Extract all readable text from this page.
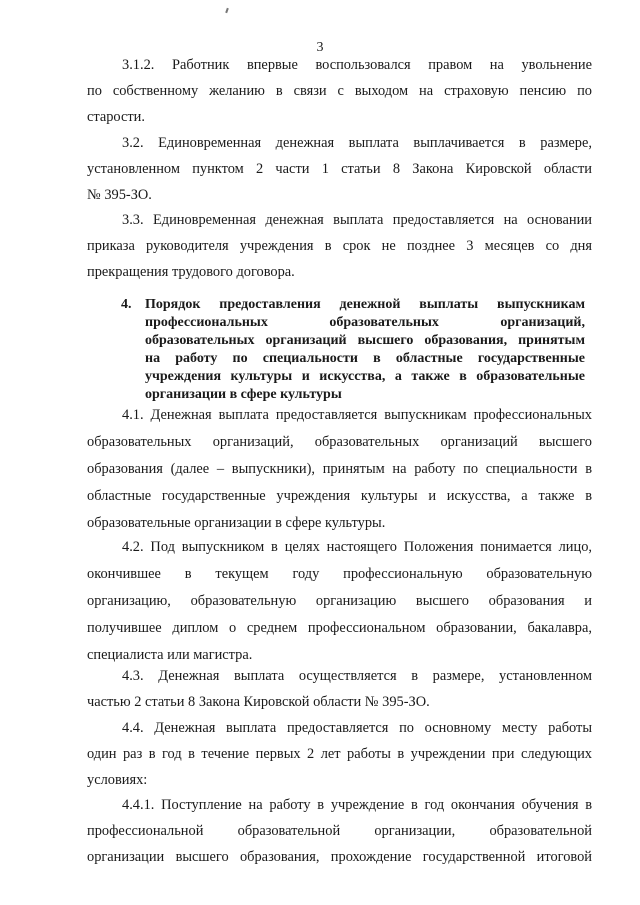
3
3.1.2. Работник впервые воспользовался правом на увольнение
по собственному желанию в связи с выходом на страховую пенсию по
старости.
3.2. Единовременная денежная выплата выплачивается в размере,
установленном пунктом 2 части 1 статьи 8 Закона Кировской области
№ 395-ЗО.
3.3. Единовременная денежная выплата предоставляется на основании
приказа руководителя учреждения в срок не позднее 3 месяцев со дня
прекращения трудового договора.
4. Порядок предоставления денежной выплаты выпускникам
профессиональных образовательных организаций,
образовательных организаций высшего образования, принятым
на работу по специальности в областные государственные
учреждения культуры и искусства, а также в образовательные
организации в сфере культуры
4.1. Денежная выплата предоставляется выпускникам профессиональных
образовательных организаций, образовательных организаций высшего
образования (далее – выпускники), принятым на работу по специальности в
областные государственные учреждения культуры и искусства, а также в
образовательные организации в сфере культуры.
4.2. Под выпускником в целях настоящего Положения понимается лицо,
окончившее в текущем году профессиональную образовательную
организацию, образовательную организацию высшего образования и
получившее диплом о среднем профессиональном образовании, бакалавра,
специалиста или магистра.
4.3. Денежная выплата осуществляется в размере, установленном
частью 2 статьи 8 Закона Кировской области № 395-ЗО.
4.4. Денежная выплата предоставляется по основному месту работы
один раз в год в течение первых 2 лет работы в учреждении при следующих
условиях:
4.4.1. Поступление на работу в учреждение в год окончания обучения в
профессиональной образовательной организации, образовательной
организации высшего образования, прохождение государственной итоговой
